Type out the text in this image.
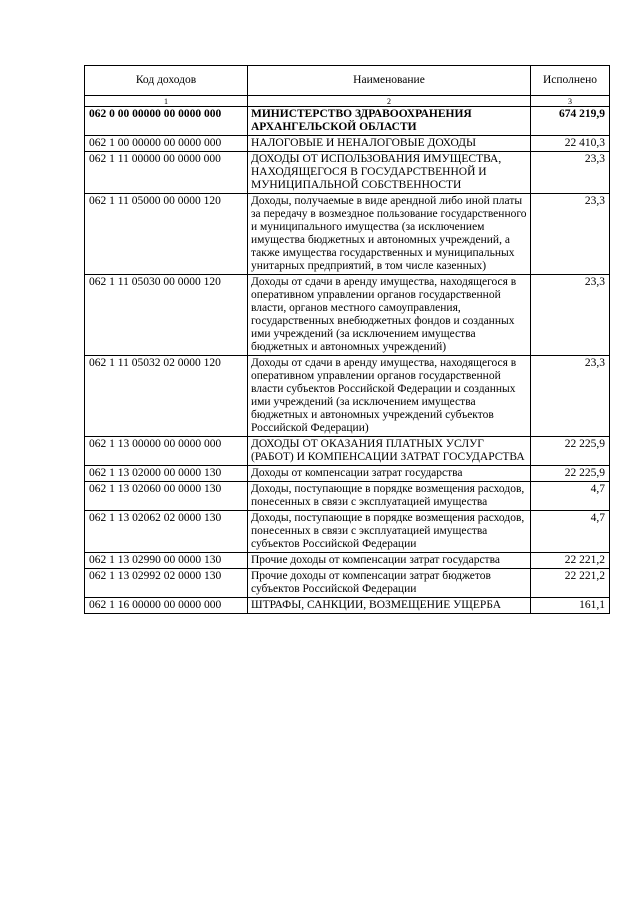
Код доходов	Наименование	Исполнено
1	2	3
062 0 00 00000 00 0000 000	МИНИСТЕРСТВО ЗДРАВООХРАНЕНИЯ АРХАНГЕЛЬСКОЙ ОБЛАСТИ	674 219,9
062 1 00 00000 00 0000 000	НАЛОГОВЫЕ И НЕНАЛОГОВЫЕ ДОХОДЫ	22 410,3
062 1 11 00000 00 0000 000	ДОХОДЫ ОТ ИСПОЛЬЗОВАНИЯ ИМУЩЕСТВА, НАХОДЯЩЕГОСЯ В ГОСУДАРСТВЕННОЙ И МУНИЦИПАЛЬНОЙ СОБСТВЕННОСТИ	23,3
062 1 11 05000 00 0000 120	Доходы, получаемые в виде арендной либо иной платы за передачу в возмездное пользование государственного и муниципального имущества (за исключением имущества бюджетных и автономных учреждений, а также имущества государственных и муниципальных унитарных предприятий, в том числе казенных)	23,3
062 1 11 05030 00 0000 120	Доходы от сдачи в аренду имущества, находящегося в оперативном управлении органов государственной власти, органов местного самоуправления, государственных внебюджетных фондов и созданных ими учреждений (за исключением имущества бюджетных и автономных учреждений)	23,3
062 1 11 05032 02 0000 120	Доходы от сдачи в аренду имущества, находящегося в оперативном управлении органов государственной власти субъектов Российской Федерации и созданных ими учреждений (за исключением имущества бюджетных и автономных учреждений субъектов Российской Федерации)	23,3
062 1 13 00000 00 0000 000	ДОХОДЫ ОТ ОКАЗАНИЯ ПЛАТНЫХ УСЛУГ (РАБОТ) И КОМПЕНСАЦИИ ЗАТРАТ ГОСУДАРСТВА	22 225,9
062 1 13 02000 00 0000 130	Доходы от компенсации затрат государства	22 225,9
062 1 13 02060 00 0000 130	Доходы, поступающие в порядке возмещения расходов, понесенных в связи с эксплуатацией имущества	4,7
062 1 13 02062 02 0000 130	Доходы, поступающие в порядке возмещения расходов, понесенных в связи с эксплуатацией имущества субъектов Российской Федерации	4,7
062 1 13 02990 00 0000 130	Прочие доходы от компенсации затрат государства	22 221,2
062 1 13 02992 02 0000 130	Прочие доходы от компенсации затрат бюджетов субъектов Российской Федерации	22 221,2
062 1 16 00000 00 0000 000	ШТРАФЫ, САНКЦИИ, ВОЗМЕЩЕНИЕ УЩЕРБА	161,1
